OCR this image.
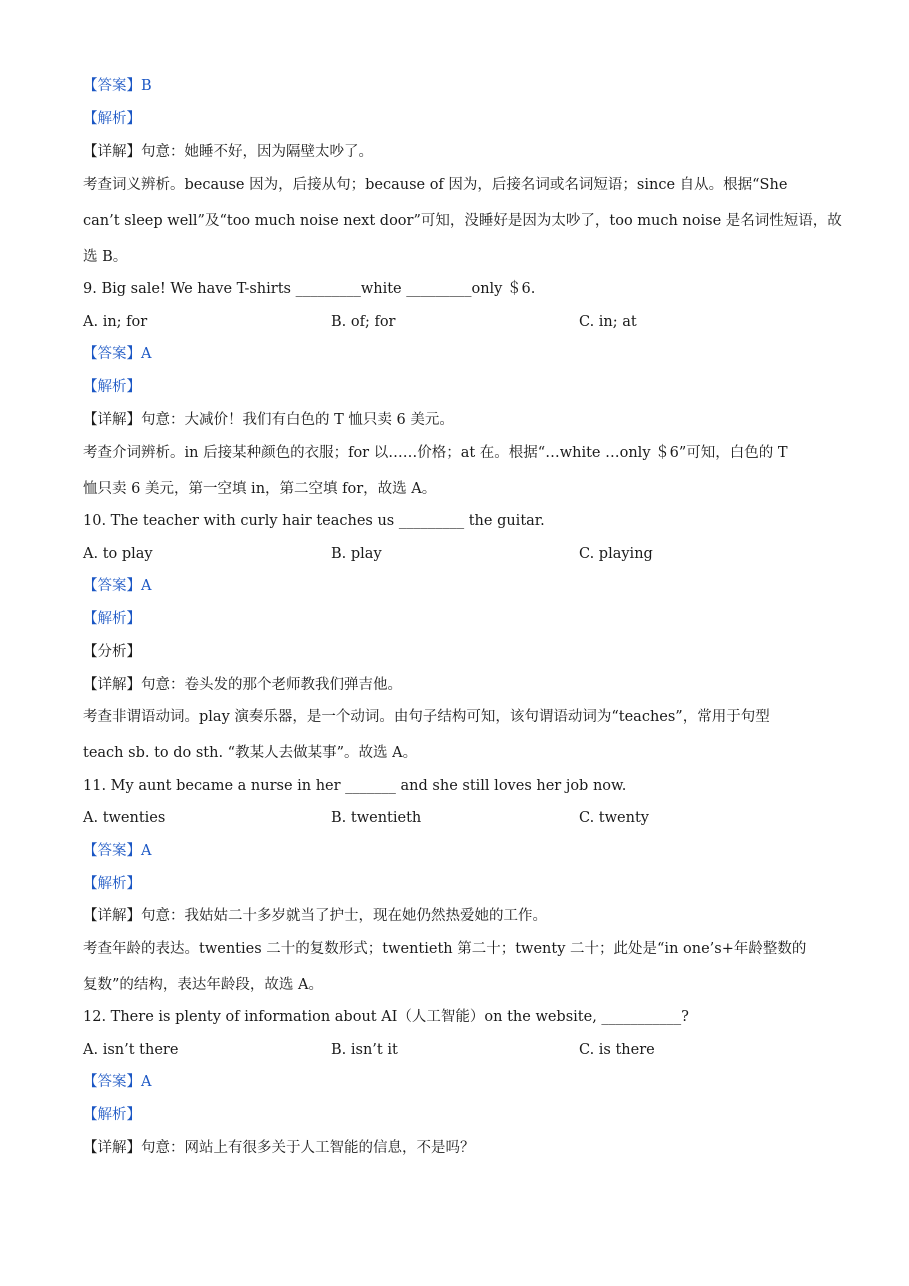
【答案】B
【解析】
【详解】句意：她睡不好，因为隔壁太吵了。
考查词义辨析。because 因为，后接从句；because of 因为，后接名词或名词短语；since 自从。根据“She
can’t sleep well”及“too much noise next door”可知，没睡好是因为太吵了，too much noise 是名词性短语，故
选 B。
9. Big sale! We have T-shirts _________white _________only ＄6.
A. in; for	B. of; for	C. in; at
【答案】A
【解析】
【详解】句意：大减价！我们有白色的 T 恤只卖 6 美元。
考查介词辨析。in 后接某种颜色的衣服；for 以……价格；at 在。根据“…white …only ＄6”可知，白色的 T
恤只卖 6 美元，第一空填 in，第二空填 for，故选 A。
10. The teacher with curly hair teaches us _________ the guitar.
A. to play	B. play	C. playing
【答案】A
【解析】
【分析】
【详解】句意：卷头发的那个老师教我们弹吉他。
考查非谓语动词。play 演奏乐器，是一个动词。由句子结构可知，该句谓语动词为“teaches”，常用于句型
teach sb. to do sth. “教某人去做某事”。故选 A。
11. My aunt became a nurse in her _______ and she still loves her job now.
A. twenties	B. twentieth	C. twenty
【答案】A
【解析】
【详解】句意：我姑姑二十多岁就当了护士，现在她仍然热爱她的工作。
考查年龄的表达。twenties 二十的复数形式；twentieth 第二十；twenty 二十；此处是“in one’s+年龄整数的
复数”的结构，表达年龄段，故选 A。
12. There is plenty of information about AI（人工智能）on the website, ___________?
A. isn’t there	B. isn’t it	C. is there
【答案】A
【解析】
【详解】句意：网站上有很多关于人工智能的信息，不是吗？
